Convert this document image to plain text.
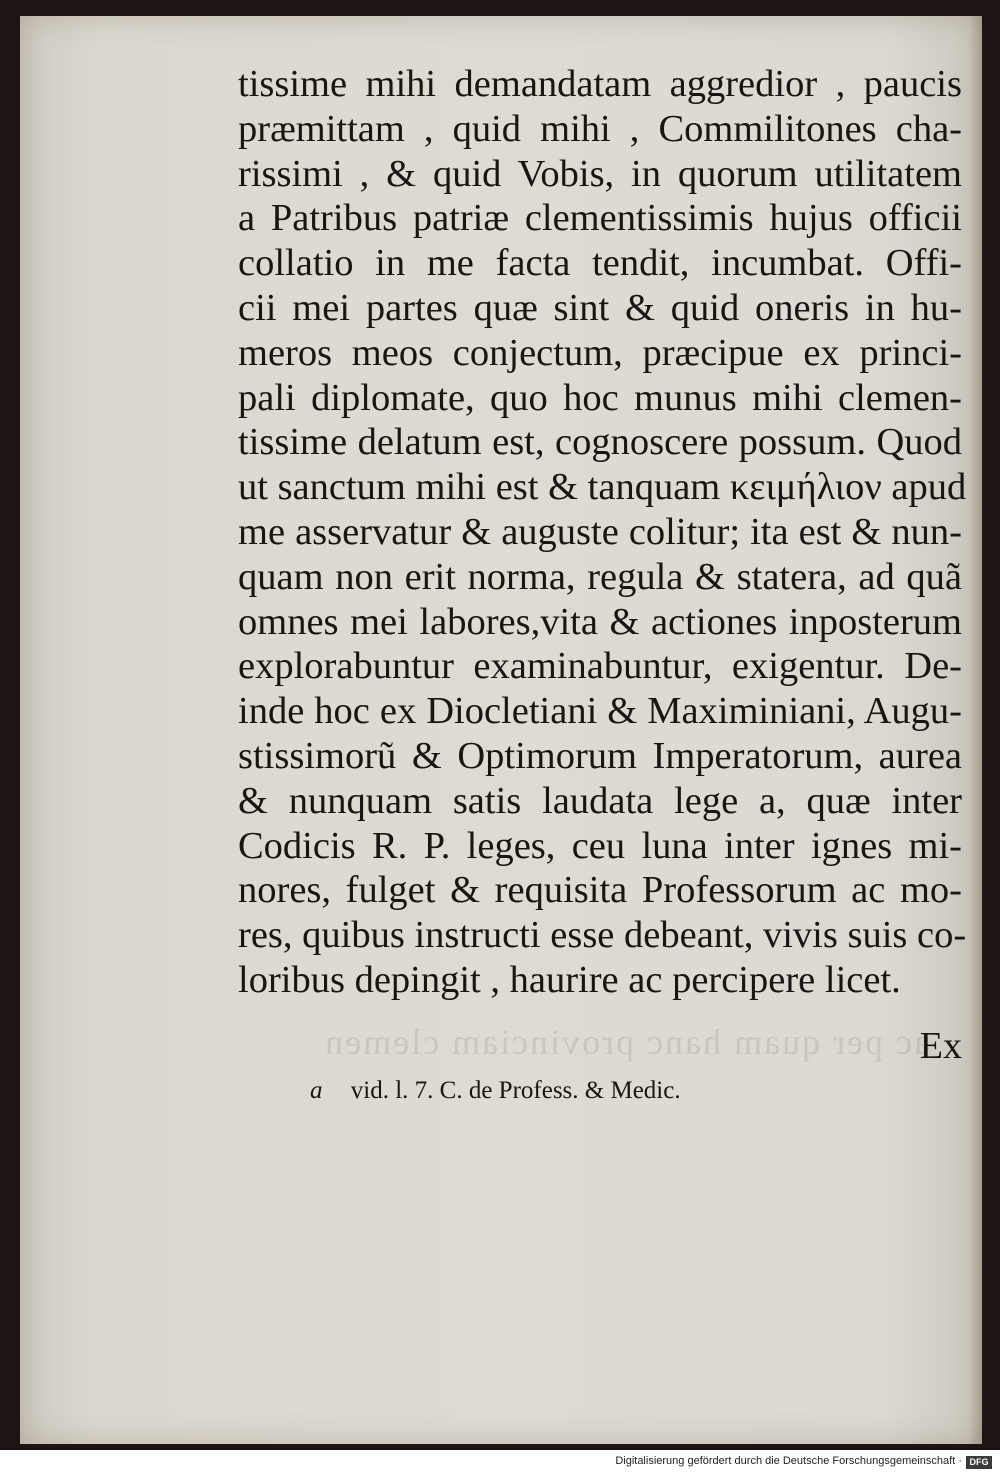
ac per quam hanc provinciam clemen
tissime mihi demandatam aggredior , paucis
præmittam , quid mihi , Commilitones cha-
rissimi , & quid Vobis, in quorum utilitatem
a Patribus patriæ clementissimis hujus officii
collatio in me facta tendit, incumbat. Offi-
cii mei partes quæ sint & quid oneris in hu-
meros meos conjectum, præcipue ex princi-
pali diplomate, quo hoc munus mihi clemen-
tissime delatum est, cognoscere possum. Quod
ut sanctum mihi est & tanquam κειμήλιον apud
me asservatur & auguste colitur; ita est & nun-
quam non erit norma, regula & statera, ad quã
omnes mei labores,vita & actiones inposterum
explorabuntur examinabuntur, exigentur. De-
inde hoc ex Diocletiani & Maximiniani, Augu-
stissimorũ & Optimorum Imperatorum, aurea
& nunquam satis laudata lege a, quæ inter
Codicis R. P. leges, ceu luna inter ignes mi-
nores, fulget & requisita Professorum ac mo-
res, quibus instructi esse debeant, vivis suis co-
loribus depingit , haurire ac percipere licet.
Ex
a vid. l. 7. C. de Profess. & Medic.
Digitalisierung gefördert durch die Deutsche Forschungsgemeinschaft · DFG
